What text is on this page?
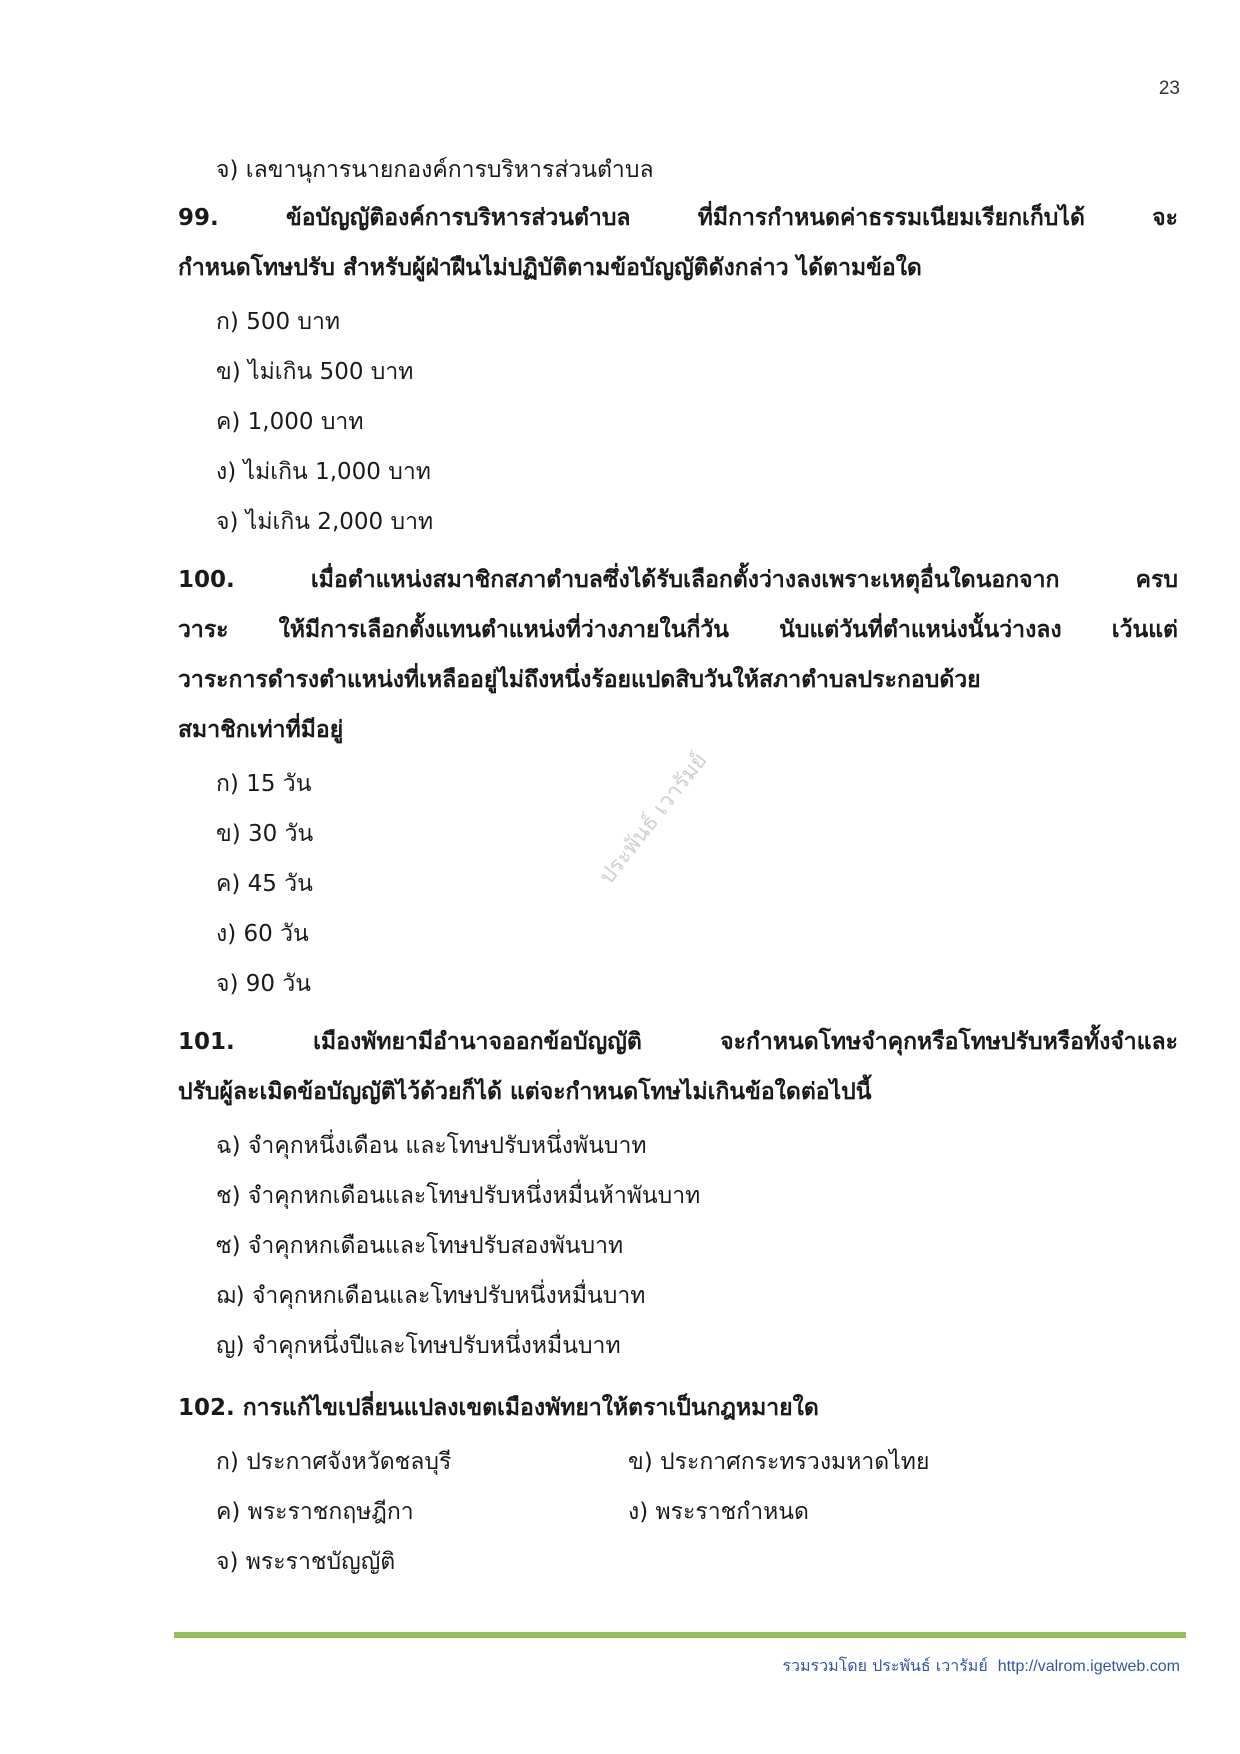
23
ประพันธ์ เวารัมย์
จ) เลขานุการนายกองค์การบริหารส่วนตำบล
99. ข้อบัญญัติองค์การบริหารส่วนตำบล ที่มีการกำหนดค่าธรรมเนียมเรียกเก็บได้ จะ
กำหนดโทษปรับ สำหรับผู้ฝ่าฝืนไม่ปฏิบัติตามข้อบัญญัติดังกล่าว ได้ตามข้อใด
ก) 500 บาท
ข) ไม่เกิน 500 บาท
ค) 1,000 บาท
ง) ไม่เกิน 1,000 บาท
จ) ไม่เกิน 2,000 บาท
100. เมื่อตำแหน่งสมาชิกสภาตำบลซึ่งได้รับเลือกตั้งว่างลงเพราะเหตุอื่นใดนอกจาก ครบ
วาระ ให้มีการเลือกตั้งแทนตำแหน่งที่ว่างภายในกี่วัน นับแต่วันที่ตำแหน่งนั้นว่างลง เว้นแต่
วาระการดำรงตำแหน่งที่เหลืออยู่ไม่ถึงหนึ่งร้อยแปดสิบวันให้สภาตำบลประกอบด้วย
สมาชิกเท่าที่มีอยู่
ก) 15 วัน
ข) 30 วัน
ค) 45 วัน
ง) 60 วัน
จ) 90 วัน
101. เมืองพัทยามีอำนาจออกข้อบัญญัติ จะกำหนดโทษจำคุกหรือโทษปรับหรือทั้งจำและ
ปรับผู้ละเมิดข้อบัญญัติไว้ด้วยก็ได้ แต่จะกำหนดโทษไม่เกินข้อใดต่อไปนี้
ฉ) จำคุกหนึ่งเดือน และโทษปรับหนึ่งพันบาท
ช) จำคุกหกเดือนและโทษปรับหนึ่งหมื่นห้าพันบาท
ซ) จำคุกหกเดือนและโทษปรับสองพันบาท
ฌ) จำคุกหกเดือนและโทษปรับหนึ่งหมื่นบาท
ญ) จำคุกหนึ่งปีและโทษปรับหนึ่งหมื่นบาท
102. การแก้ไขเปลี่ยนแปลงเขตเมืองพัทยาให้ตราเป็นกฎหมายใด
ก) ประกาศจังหวัดชลบุรี	ข) ประกาศกระทรวงมหาดไทย
ค) พระราชกฤษฎีกา	ง) พระราชกำหนด
จ) พระราชบัญญัติ
รวมรวมโดย ประพันธ์ เวารัมย์ http://valrom.igetweb.com
